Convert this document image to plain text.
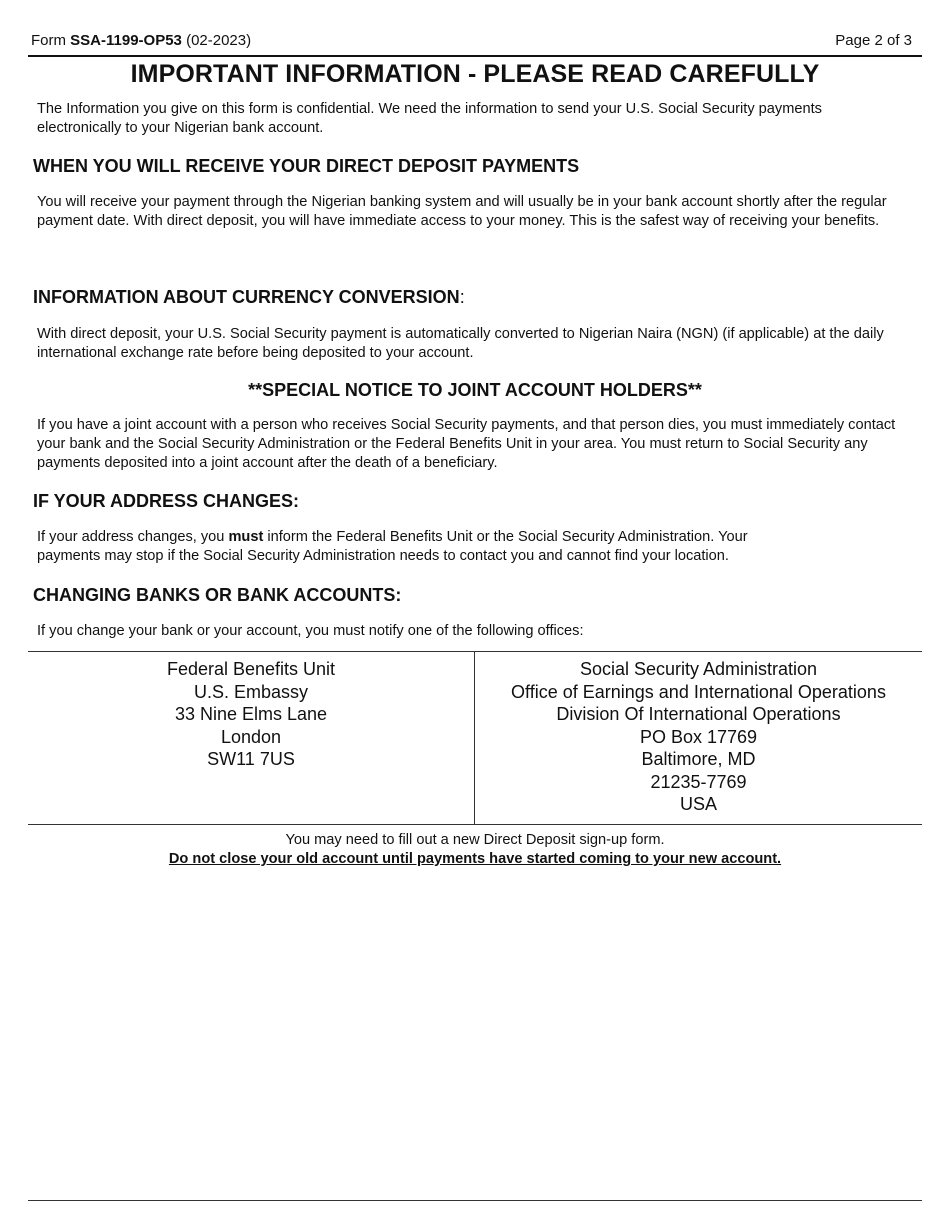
Form SSA-1199-OP53 (02-2023)	Page 2 of 3
IMPORTANT INFORMATION - PLEASE READ CAREFULLY
The Information you give on this form is confidential. We need the information to send your U.S. Social Security payments electronically to your Nigerian bank account.
WHEN YOU WILL RECEIVE YOUR DIRECT DEPOSIT PAYMENTS
You will receive your payment through the Nigerian banking system and will usually be in your bank account shortly after the regular payment date. With direct deposit, you will have immediate access to your money. This is the safest way of receiving your benefits.
INFORMATION ABOUT CURRENCY CONVERSION:
With direct deposit, your U.S. Social Security payment is automatically converted to Nigerian Naira (NGN) (if applicable) at the daily international exchange rate before being deposited to your account.
**SPECIAL NOTICE TO JOINT ACCOUNT HOLDERS**
If you have a joint account with a person who receives Social Security payments, and that person dies, you must immediately contact your bank and the Social Security Administration or the Federal Benefits Unit in your area. You must return to Social Security any payments deposited into a joint account after the death of a beneficiary.
IF YOUR ADDRESS CHANGES:
If your address changes, you must inform the Federal Benefits Unit or the Social Security Administration. Your
payments may stop if the Social Security Administration needs to contact you and cannot find your location.
CHANGING BANKS OR BANK ACCOUNTS:
If you change your bank or your account, you must notify one of the following offices:
Federal Benefits Unit
U.S. Embassy
33 Nine Elms Lane
London
SW11 7US
Social Security Administration
Office of Earnings and International Operations
Division Of International Operations
PO Box 17769
Baltimore, MD
21235-7769
USA
You may need to fill out a new Direct Deposit sign-up form.
Do not close your old account until payments have started coming to your new account.
